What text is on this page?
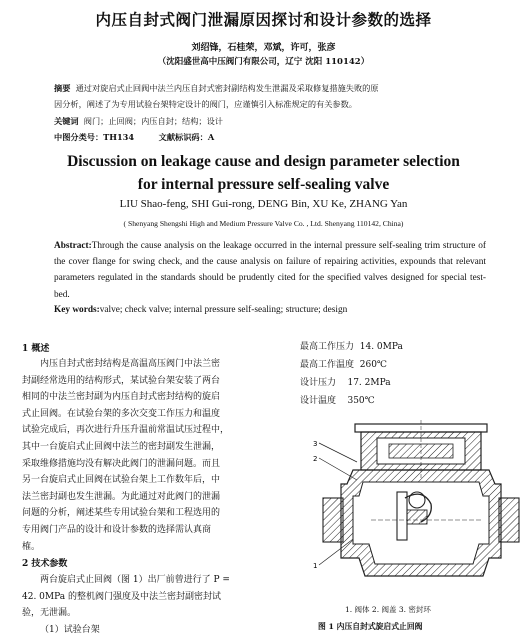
内压自封式阀门泄漏原因探讨和设计参数的选择
刘绍锋，石桂荣，邓斌，许可，张彦
（沈阳盛世高中压阀门有限公司，辽宁 沈阳 110142）
摘要 通过对旋启式止回阀中法兰内压自封式密封副结构发生泄漏及采取修复措施失败的原
因分析，阐述了为专用试验台架特定设计的阀门，应谨慎引入标准规定的有关参数。
关键词 阀门；止回阀；内压自封；结构；设计
中图分类号：TH134	文献标识码：A
Discussion on leakage cause and design parameter selection
for internal pressure self-sealing valve
LIU Shao-feng, SHI Gui-rong, DENG Bin, XU Ke, ZHANG Yan
( Shenyang Shengshi High and Medium Pressure Valve Co. , Ltd. Shenyang 110142, China)
Abstract:Through the cause analysis on the leakage occurred in the internal pressure self-sealing trim structure of the cover flange for swing check, and the cause analysis on failure of repairing activities, expounds that relevant parameters regulated in the standards should be prudently cited for the specified valves designed for special test-bed.
Key words:valve; check valve; internal pressure self-sealing; structure; design
1 概述
内压自封式密封结构是高温高压阀门中法兰密
封副经常选用的结构形式，某试验台架安装了两台
相同的中法兰密封副为内压自封式密封结构的旋启
式止回阀。在试验台架的多次交变工作压力和温度
试验完成后，再次进行升压升温前常温试压过程中，
其中一台旋启式止回阀中法兰的密封副发生泄漏，
采取维修措施均没有解决此阀门的泄漏问题。而且
另一台旋启式止回阀在试验台架上工作数年后，中
法兰密封副也发生泄漏。为此通过对此阀门的泄漏
问题的分析，阐述某些专用试验台架和工程选用的
专用阀门产品的设计和设计参数的选择需认真商
榷。
2 技术参数
两台旋启式止回阀（图 1）出厂前曾进行了 P =
42. 0MPa 的整机阀门强度及中法兰密封副密封试
验，无泄漏。
（1）试验台架
最高工作压力 14. 0MPa
最高工作温度 260℃
设计压力 17. 2MPa
设计温度 350℃
3
2
1
1. 阀体 2. 阀盖 3. 密封环
图 1 内压自封式旋启式止回阀
